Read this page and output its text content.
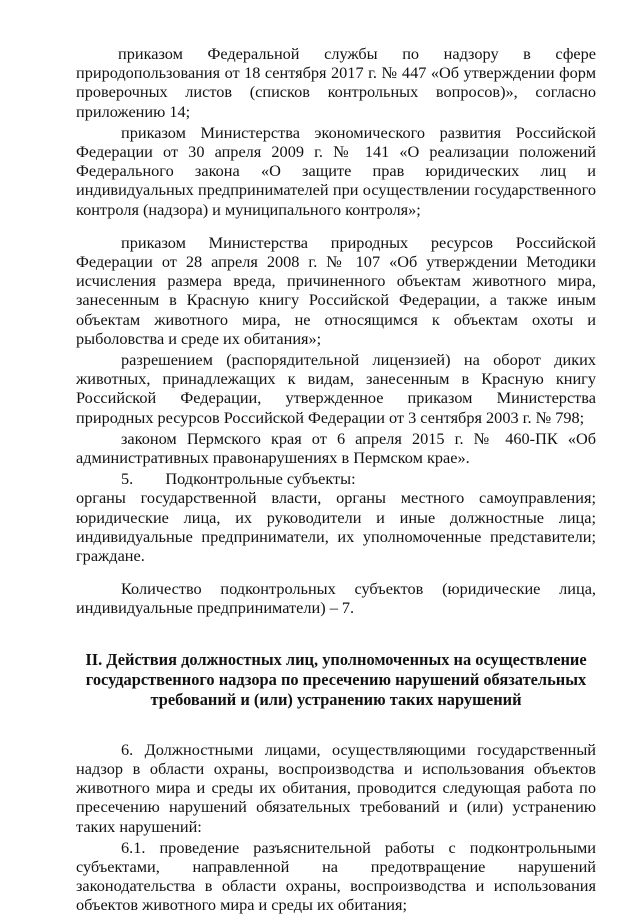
приказом Федеральной службы по надзору в сфере природопользования от 18 сентября 2017 г. № 447 «Об утверждении форм проверочных листов (списков контрольных вопросов)», согласно приложению 14;

приказом Министерства экономического развития Российской Федерации от 30 апреля 2009 г. № 141 «О реализации положений Федерального закона «О защите прав юридических лиц и индивидуальных предпринимателей при осуществлении государственного контроля (надзора) и муниципального контроля»;

приказом Министерства природных ресурсов Российской Федерации от 28 апреля 2008 г. № 107 «Об утверждении Методики исчисления размера вреда, причиненного объектам животного мира, занесенным в Красную книгу Российской Федерации, а также иным объектам животного мира, не относящимся к объектам охоты и рыболовства и среде их обитания»;

разрешением (распорядительной лицензией) на оборот диких животных, принадлежащих к видам, занесенным в Красную книгу Российской Федерации, утвержденное приказом Министерства природных ресурсов Российской Федерации от 3 сентября 2003 г. № 798;

законом Пермского края от 6 апреля 2015 г. № 460-ПК «Об административных правонарушениях в Пермском крае».

5. Подконтрольные субъекты:

органы государственной власти, органы местного самоуправления; юридические лица, их руководители и иные должностные лица; индивидуальные предприниматели, их уполномоченные представители; граждане.

Количество подконтрольных субъектов (юридические лица, индивидуальные предприниматели) – 7.

II. Действия должностных лиц, уполномоченных на осуществление
государственного надзора по пресечению нарушений обязательных
требований и (или) устранению таких нарушений

6. Должностными лицами, осуществляющими государственный надзор в области охраны, воспроизводства и использования объектов животного мира и среды их обитания, проводится следующая работа по пресечению нарушений обязательных требований и (или) устранению таких нарушений:

6.1. проведение разъяснительной работы с подконтрольными субъектами, направленной на предотвращение нарушений законодательства в области охраны, воспроизводства и использования объектов животного мира и среды их обитания;
